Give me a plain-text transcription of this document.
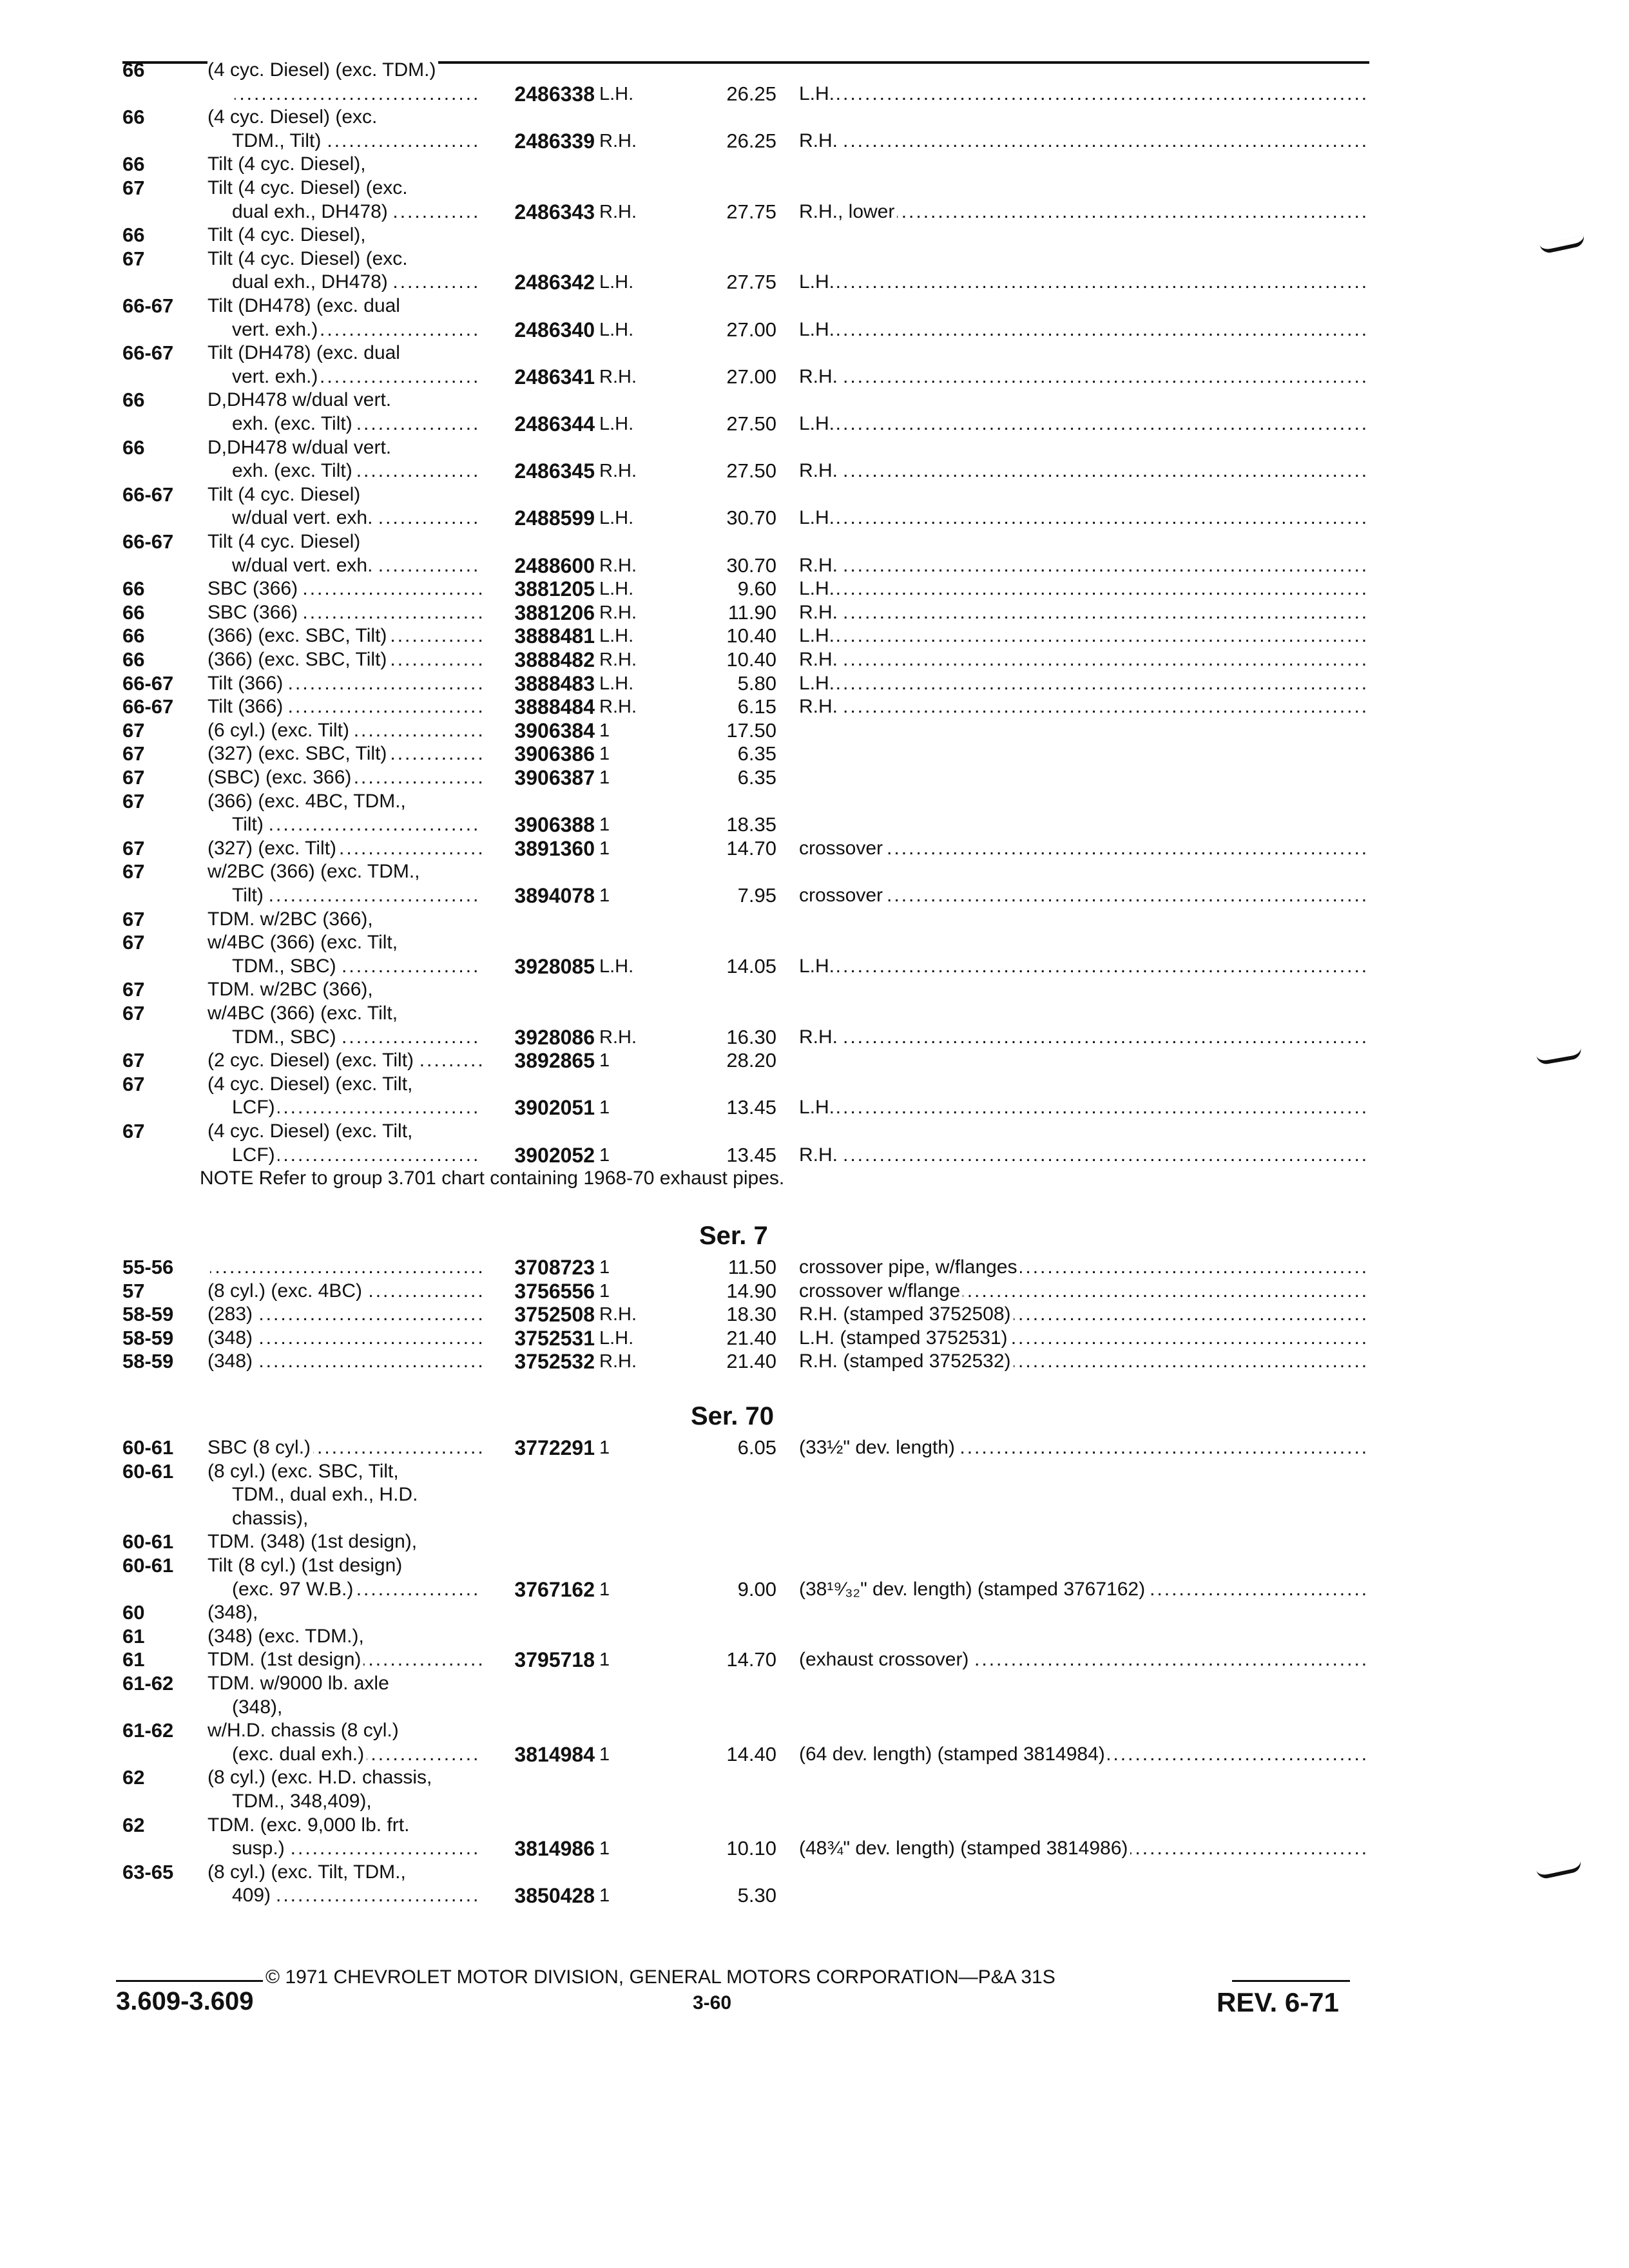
66	(4 cyc. Diesel) (exc. TDM.)
.....
2486338 L.H.	26.25 L.H. .....
66	(4 cyc. Diesel) (exc.
TDM., Tilt) .....	2486339 R.H.	26.25 R.H. .....
66	Tilt (4 cyc. Diesel),
67	Tilt (4 cyc. Diesel) (exc.
dual exh., DH478) .....	2486343 R.H.	27.75 R.H., lower .....
66	Tilt (4 cyc. Diesel),
67	Tilt (4 cyc. Diesel) (exc.
dual exh., DH478) .....	2486342 L.H.	27.75 L.H. .....
66-67 Tilt (DH478) (exc. dual
vert. exh.) .....	2486340 L.H.	27.00 L.H. .....
66-67 Tilt (DH478) (exc. dual
vert. exh.) .....	2486341 R.H.	27.00 R.H. .....
66	D,DH478 w/dual vert.
exh. (exc. Tilt) .....	2486344 L.H.	27.50 L.H. .....
66	D,DH478 w/dual vert.
exh. (exc. Tilt) .....	2486345 R.H.	27.50 R.H. .....
66-67 Tilt (4 cyc. Diesel)
w/dual vert. exh. .....	2488599 L.H.	30.70 L.H. .....
66-67 Tilt (4 cyc. Diesel)
w/dual vert. exh. .....	2488600 R.H.	30.70 R.H. .....
66	SBC (366) .....	3881205 L.H.	9.60 L.H. .....
66	SBC (366) .....	3881206 R.H.	11.90 R.H. .....
66	(366) (exc. SBC, Tilt) .....	3888481 L.H.	10.40 L.H. .....
66	(366) (exc. SBC, Tilt) .....	3888482 R.H.	10.40 R.H. .....
66-67 Tilt (366) .....	3888483 L.H.	5.80 L.H. .....
66-67 Tilt (366) .....	3888484 R.H.	6.15 R.H. .....
67	(6 cyl.) (exc. Tilt) .....	3906384 1	17.50
67	(327) (exc. SBC, Tilt) .....	3906386 1	6.35
67	(SBC) (exc. 366) .....	3906387 1	6.35
67	(366) (exc. 4BC, TDM.,
Tilt) .....	3906388 1	18.35
67	(327) (exc. Tilt) .....	3891360 1	14.70 crossover .....
67	w/2BC (366) (exc. TDM.,
Tilt) .....	3894078 1	7.95 crossover .....
67	TDM. w/2BC (366),
67	w/4BC (366) (exc. Tilt,
TDM., SBC) .....	3928085 L.H.	14.05 L.H. .....
67	TDM. w/2BC (366),
67	w/4BC (366) (exc. Tilt,
TDM., SBC) .....	3928086 R.H.	16.30 R.H. .....
67	(2 cyc. Diesel) (exc. Tilt) .....	3892865 1	28.20
67	(4 cyc. Diesel) (exc. Tilt,
LCF) .....	3902051 1	13.45 L.H. .....
67	(4 cyc. Diesel) (exc. Tilt,
LCF) .....	3902052 1	13.45 R.H. .....
NOTE Refer to group 3.701 chart containing 1968-70 exhaust pipes.
Ser. 7
55-56
.....	3708723 1	11.50 crossover pipe, w/flanges .....
57	(8 cyl.) (exc. 4BC) .....	3756556 1	14.90 crossover w/flange .....
58-59 (283) .....	3752508 R.H.	18.30 R.H. (stamped 3752508) .....
58-59 (348) .....	3752531 L.H.	21.40 L.H. (stamped 3752531) .....
58-59 (348) .....	3752532 R.H.	21.40 R.H. (stamped 3752532) .....
Ser. 70
60-61 SBC (8 cyl.) .....	3772291 1	6.05 (33½" dev. length) .....
60-61 (8 cyl.) (exc. SBC, Tilt,
TDM., dual exh., H.D.
chassis),
60-61 TDM. (348) (1st design),
60-61 Tilt (8 cyl.) (1st design)
(exc. 97 W.B.) .....	3767162 1	9.00 (38¹⁹⁄₃₂" dev. length) (stamped 3767162) .....
60	(348),
61	(348) (exc. TDM.),
61	TDM. (1st design) .....	3795718 1	14.70 (exhaust crossover) .....
61-62 TDM. w/9000 lb. axle
(348),
61-62 w/H.D. chassis (8 cyl.)
(exc. dual exh.) .....	3814984 1	14.40 (64 dev. length) (stamped 3814984) .....
62	(8 cyl.) (exc. H.D. chassis,
TDM., 348,409),
62	TDM. (exc. 9,000 lb. frt.
susp.) .....	3814986 1	10.10 (48¾" dev. length) (stamped 3814986) .....
63-65 (8 cyl.) (exc. Tilt, TDM.,
409) .....	3850428 1	5.30
© 1971 CHEVROLET MOTOR DIVISION, GENERAL MOTORS CORPORATION—P&A 31S
3.609-3.609	3-60	REV. 6-71
